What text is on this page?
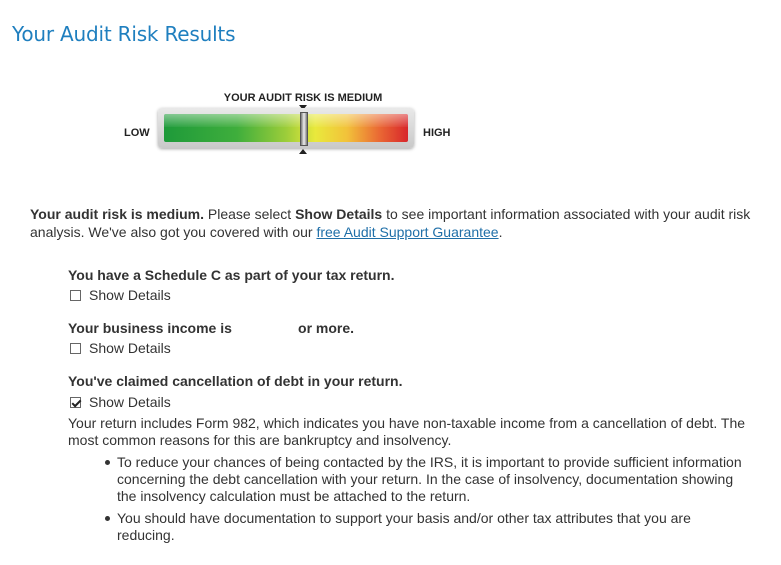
Your Audit Risk Results
YOUR AUDIT RISK IS MEDIUM
LOW	HIGH
Your audit risk is medium. Please select Show Details to see important information associated with your audit risk analysis. We've also got you covered with our free Audit Support Guarantee.
You have a Schedule C as part of your tax return.
Show Details
Your business income is                 or more.
Show Details
You've claimed cancellation of debt in your return.
Show Details
Your return includes Form 982, which indicates you have non-taxable income from a cancellation of debt. The most common reasons for this are bankruptcy and insolvency.
To reduce your chances of being contacted by the IRS, it is important to provide sufficient information concerning the debt cancellation with your return. In the case of insolvency, documentation showing the insolvency calculation must be attached to the return.
You should have documentation to support your basis and/or other tax attributes that you are reducing.
